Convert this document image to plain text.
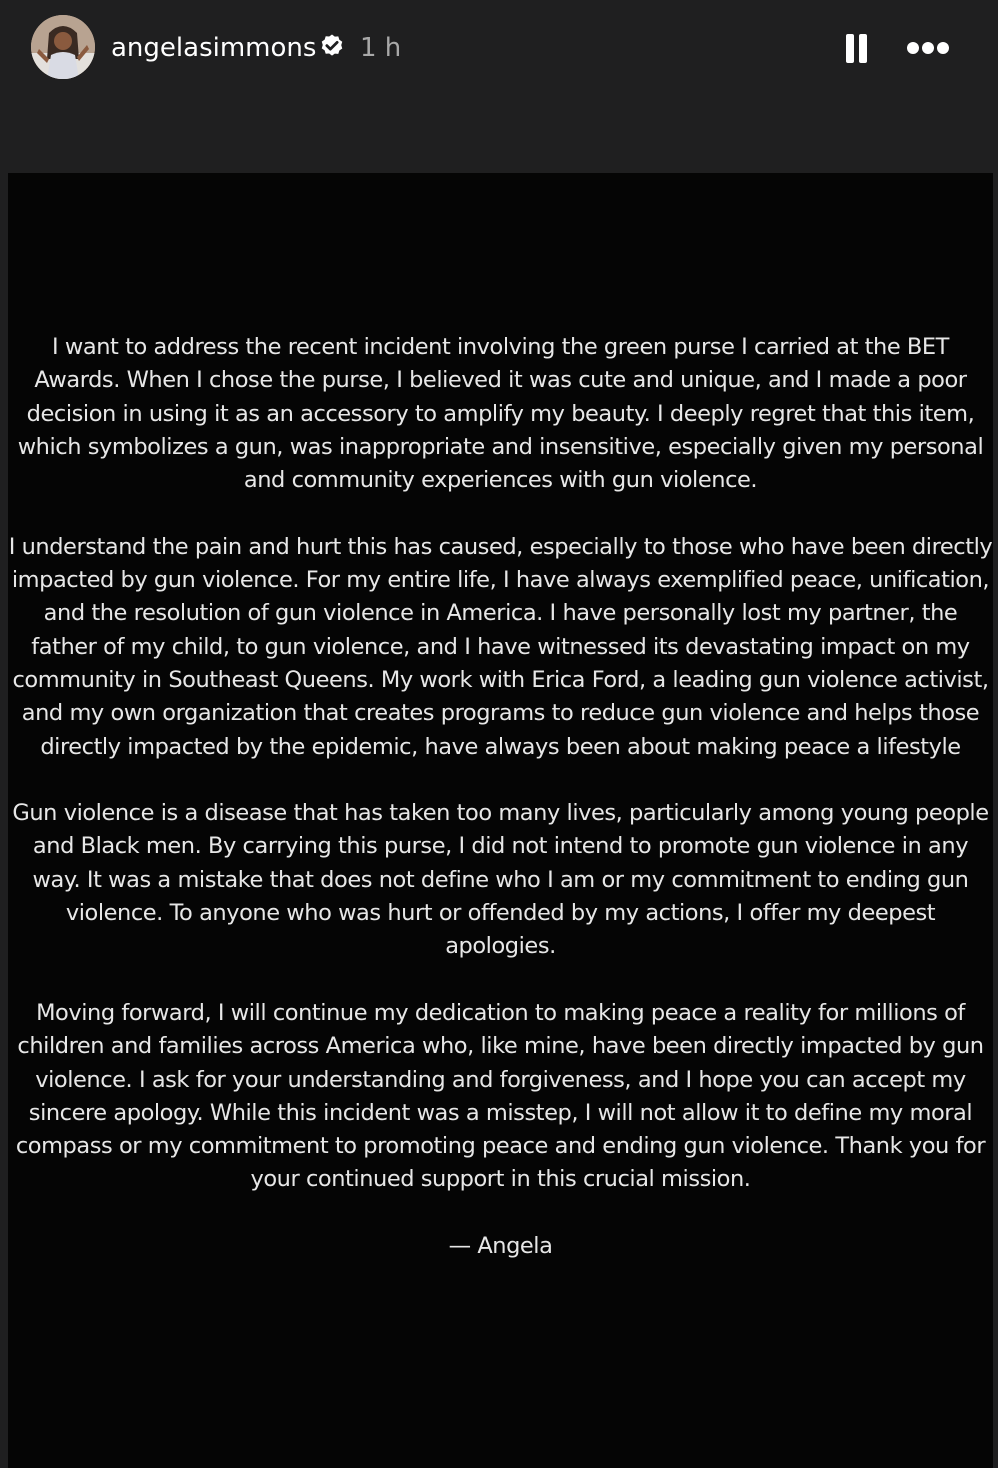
angelasimmons 1 h

I want to address the recent incident involving the green purse I carried at the BET Awards. When I chose the purse, I believed it was cute and unique, and I made a poor decision in using it as an accessory to amplify my beauty. I deeply regret that this item, which symbolizes a gun, was inappropriate and insensitive, especially given my personal and community experiences with gun violence.

I understand the pain and hurt this has caused, especially to those who have been directly impacted by gun violence. For my entire life, I have always exemplified peace, unification, and the resolution of gun violence in America. I have personally lost my partner, the father of my child, to gun violence, and I have witnessed its devastating impact on my community in Southeast Queens. My work with Erica Ford, a leading gun violence activist, and my own organization that creates programs to reduce gun violence and helps those directly impacted by the epidemic, have always been about making peace a lifestyle

Gun violence is a disease that has taken too many lives, particularly among young people and Black men. By carrying this purse, I did not intend to promote gun violence in any way. It was a mistake that does not define who I am or my commitment to ending gun violence. To anyone who was hurt or offended by my actions, I offer my deepest apologies.

Moving forward, I will continue my dedication to making peace a reality for millions of children and families across America who, like mine, have been directly impacted by gun violence. I ask for your understanding and forgiveness, and I hope you can accept my sincere apology. While this incident was a misstep, I will not allow it to define my moral compass or my commitment to promoting peace and ending gun violence. Thank you for your continued support in this crucial mission.

— Angela
